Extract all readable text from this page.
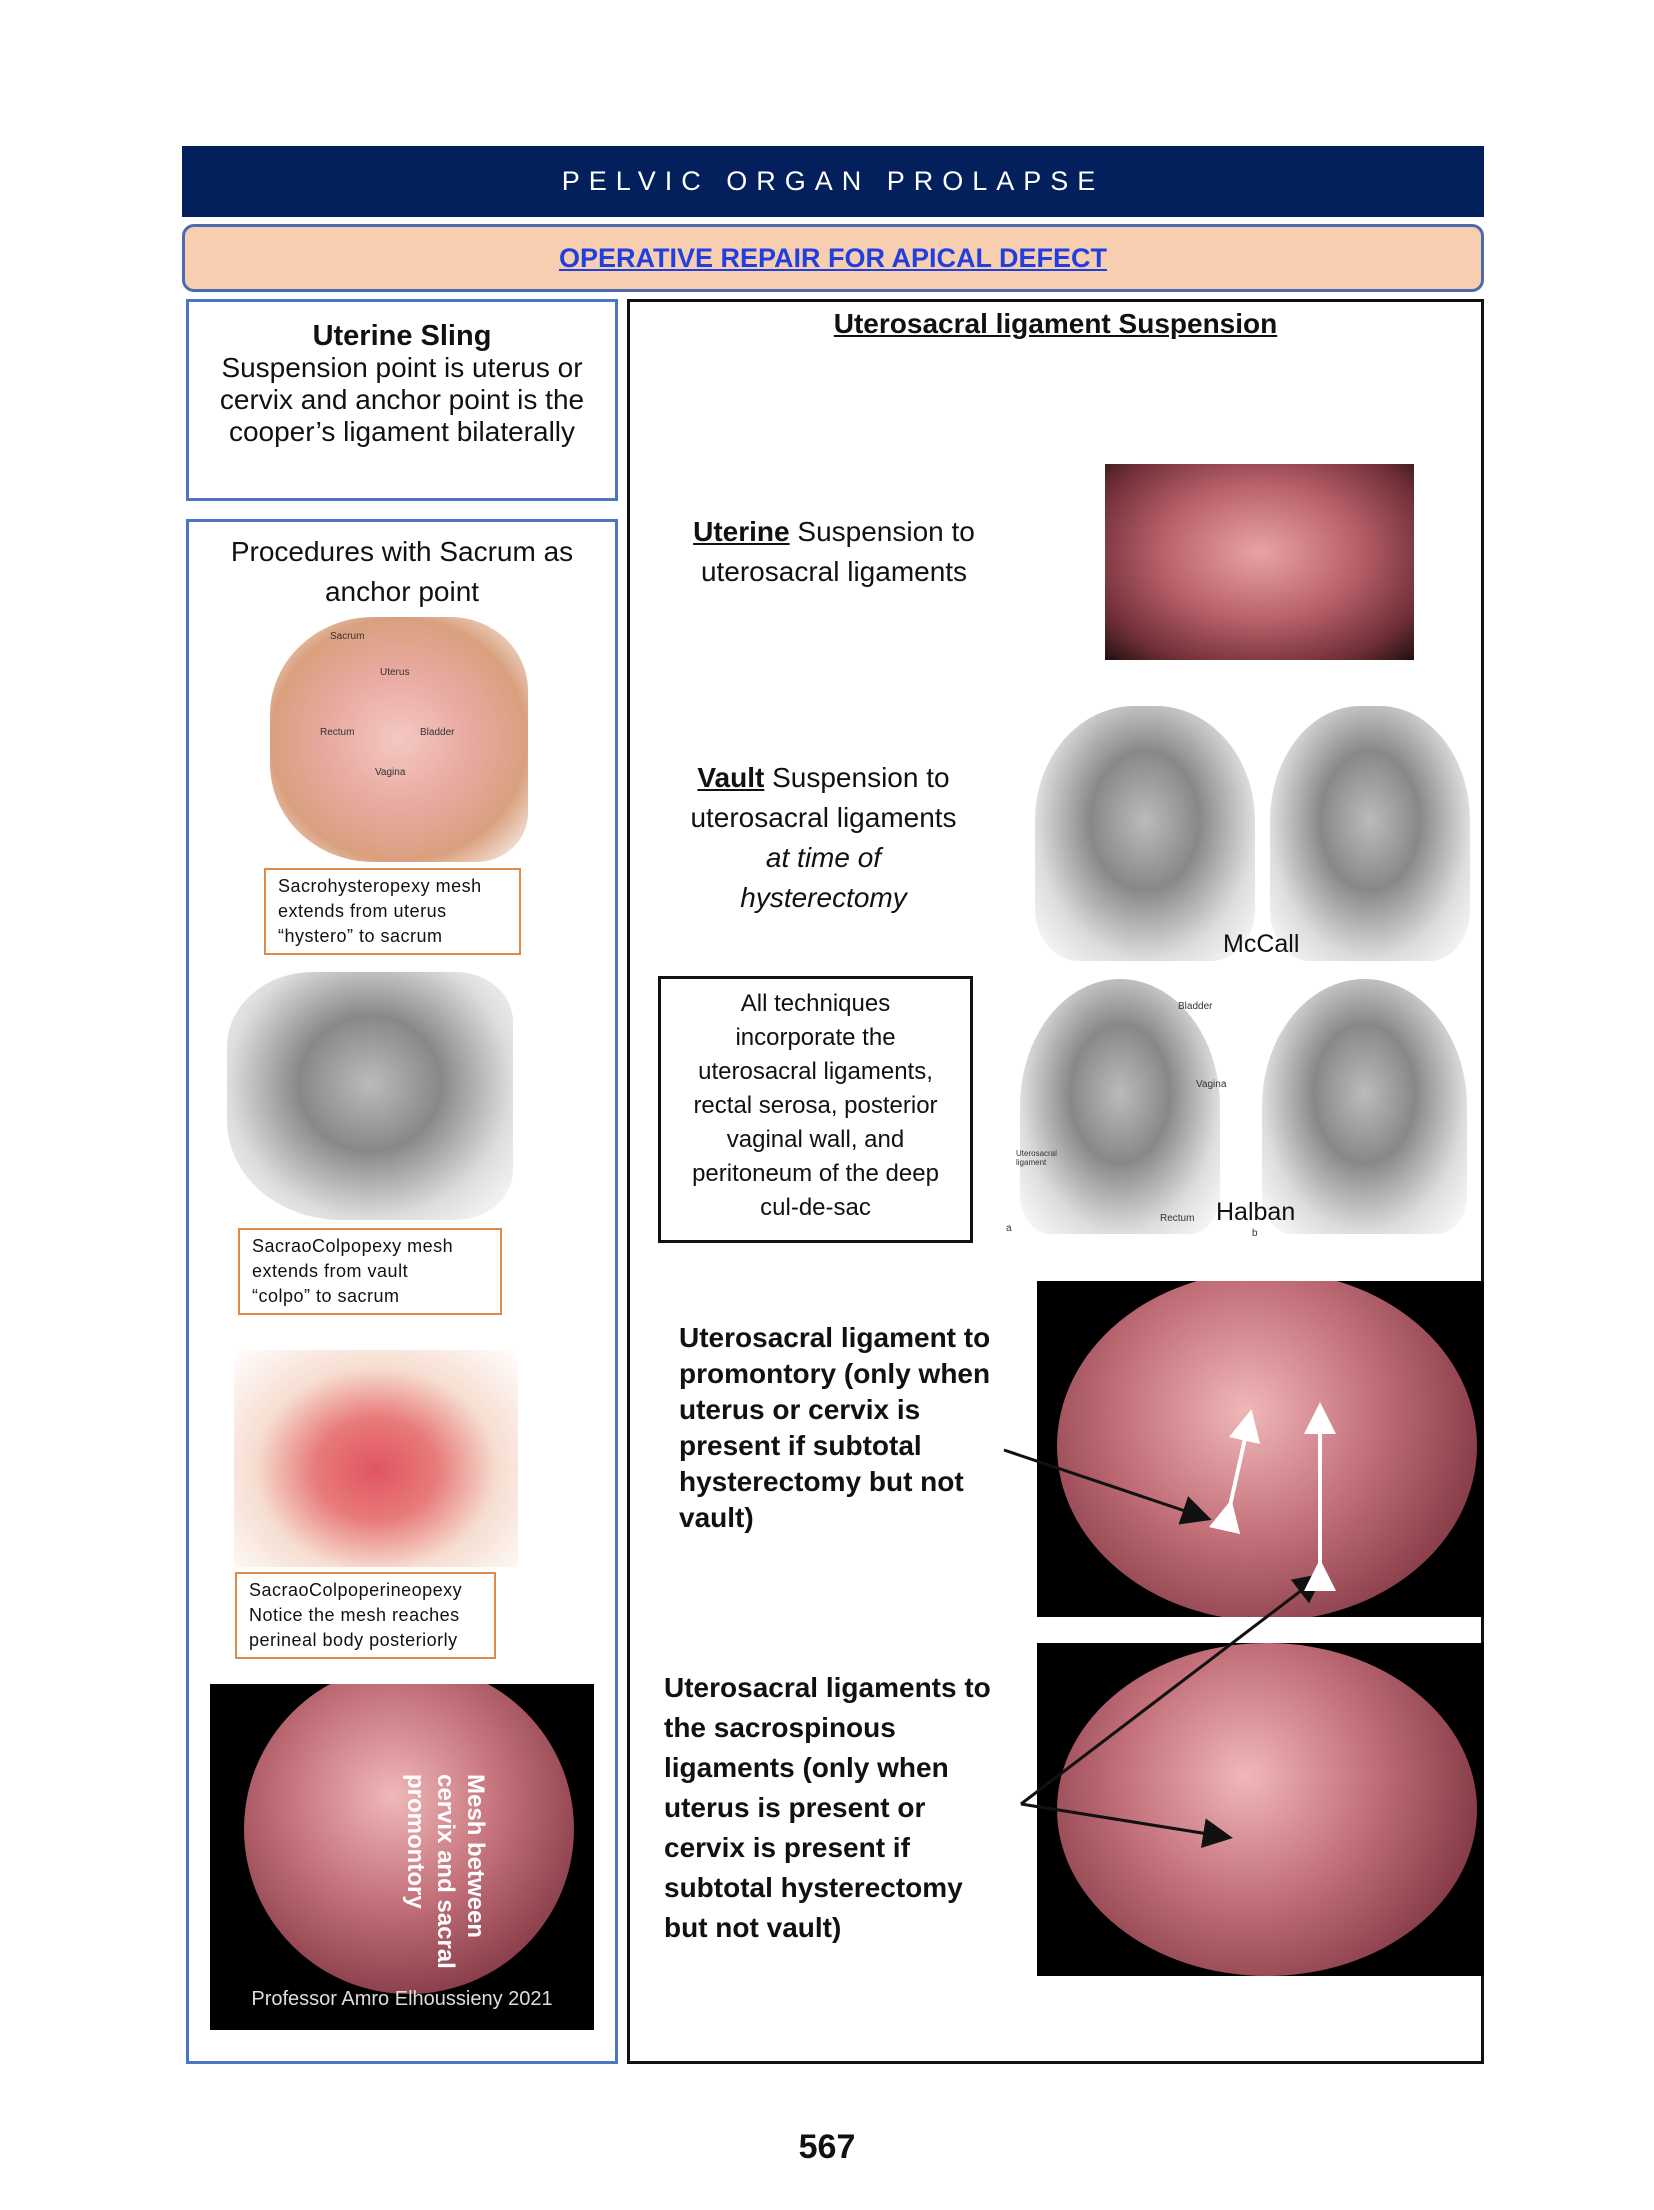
PELVIC ORGAN PROLAPSE
OPERATIVE REPAIR FOR APICAL DEFECT
Uterine Sling
Suspension point is uterus or cervix and anchor point is the cooper’s ligament bilaterally
Procedures with Sacrum as anchor point
Sacrum
Uterus
Rectum	Bladder
Vagina
Sacrohysteropexy mesh
extends from uterus
“hystero” to sacrum
SacraoColpopexy mesh
extends from vault
“colpo” to sacrum
SacraoColpoperineopexy
Notice the mesh reaches
perineal body posteriorly
Mesh between cervix and sacral promontory
Professor Amro Elhoussieny 2021
Uterosacral ligament Suspension
Uterine Suspension to
uterosacral ligaments
Vault Suspension to
uterosacral ligaments
at time of
hysterectomy
McCall
All techniques incorporate the uterosacral ligaments, rectal serosa, posterior vaginal wall, and peritoneum of the deep cul-de-sac
Bladder
Vagina
Uterosacral ligament
Rectum
a
Halban
b
Uterosacral ligament to promontory (only when uterus or cervix is present if subtotal hysterectomy but not vault)
Uterosacral ligaments to the sacrospinous ligaments (only when uterus is present or cervix is present if subtotal hysterectomy but not vault)
567
